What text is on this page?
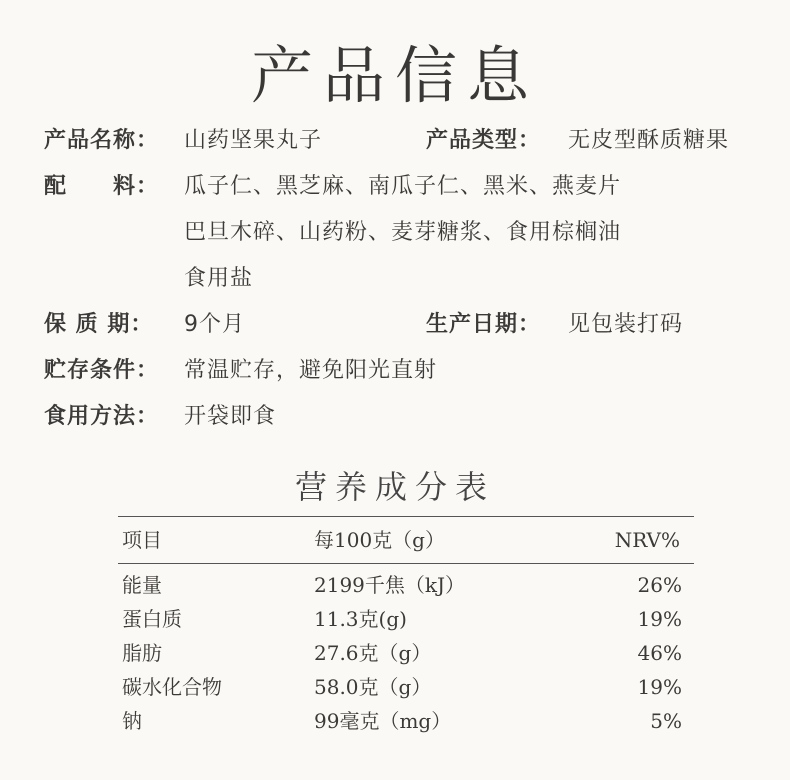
产品信息
产品名称： 山药坚果丸子	产品类型： 无皮型酥质糖果
配　　料： 瓜子仁、黑芝麻、南瓜子仁、黑米、燕麦片
巴旦木碎、山药粉、麦芽糖浆、食用棕榈油
食用盐
保 质 期： 9个月	生产日期： 见包装打码
贮存条件： 常温贮存，避免阳光直射
食用方法： 开袋即食
营养成分表
项目	每100克（g）	NRV%
能量	2199千焦（kJ）	26%
蛋白质	11.3克(g)	19%
脂肪	27.6克（g）	46%
碳水化合物	58.0克（g）	19%
钠	99毫克（mg）	5%
